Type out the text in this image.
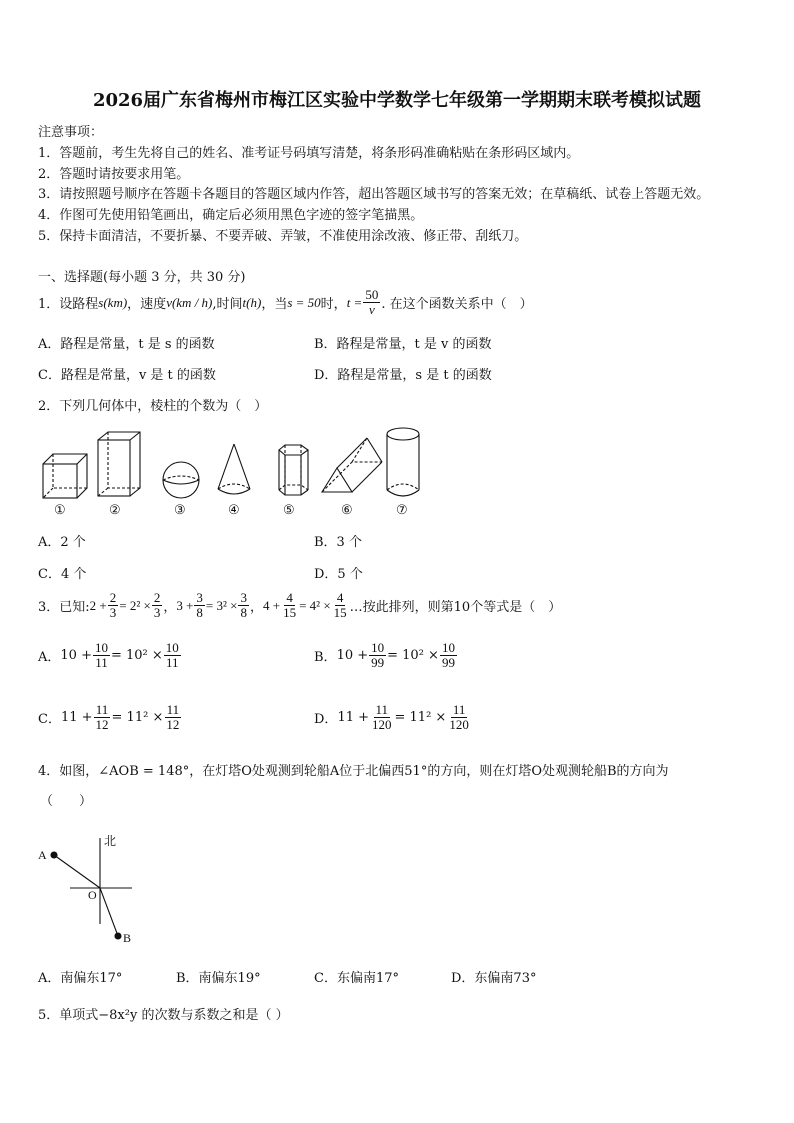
2026届广东省梅州市梅江区实验中学数学七年级第一学期期末联考模拟试题
注意事项：
1．答题前，考生先将自己的姓名、准考证号码填写清楚，将条形码准确粘贴在条形码区域内。
2．答题时请按要求用笔。
3．请按照题号顺序在答题卡各题目的答题区域内作答，超出答题区域书写的答案无效；在草稿纸、试卷上答题无效。
4．作图可先使用铅笔画出，确定后必须用黑色字迹的签字笔描黑。
5．保持卡面清洁，不要折暴、不要弄破、弄皱，不准使用涂改液、修正带、刮纸刀。
一、选择题(每小题 3 分，共 30 分)
1．设路程 s(km) ，速度 v(km / h) ,时间 t(h) ，当 s = 50 时， $t = \frac{50}{v}$ . 在这个函数关系中（　）
A．路程是常量，t 是 s 的函数	B．路程是常量，t 是 v 的函数
C．路程是常量，v 是 t 的函数	D．路程是常量，s 是 t 的函数
2．下列几何体中，棱柱的个数为（　）
①	②	③	④	⑤	⑥	⑦
A．2 个	B．3 个
C．4 个	D．5 个
3．已知: $2 + \frac{2}{3} = 2^2 \times \frac{2}{3}$ ， $3 + \frac{3}{8} = 3^2 \times \frac{3}{8}$ ， $4 + \frac{4}{15} = 4^2 \times \frac{4}{15}$ …按此排列，则第10个等式是（　）
A． $10 + \frac{10}{11} = 10^2 \times \frac{10}{11}$	B． $10 + \frac{10}{99} = 10^2 \times \frac{10}{99}$
C． $11 + \frac{11}{12} = 11^2 \times \frac{11}{12}$	D． $11 + \frac{11}{120} = 11^2 \times \frac{11}{120}$
4．如图，∠AOB = 148°，在灯塔O处观测到轮船A位于北偏西51°的方向，则在灯塔O处观测轮船B的方向为
（　　）
北
A
O
B
A．南偏东17°	B．南偏东19°	C．东偏南17°	D．东偏南73°
5．单项式−8x²y 的次数与系数之和是（ ）
